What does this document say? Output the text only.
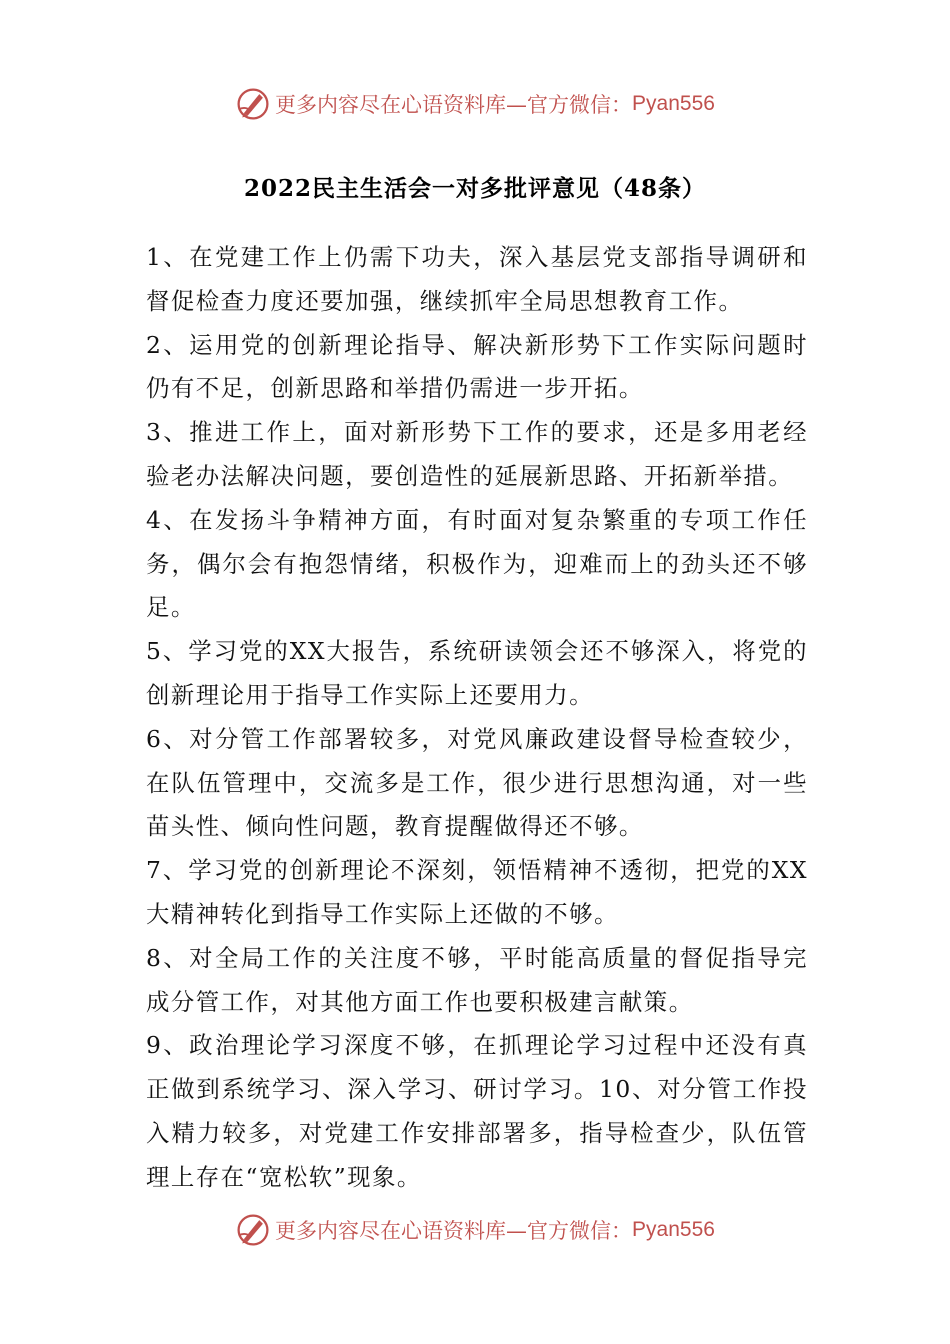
更多内容尽在心语资料库—官方微信： Pyan556
2022民主生活会一对多批评意见（48条）

1、在党建工作上仍需下功夫，深入基层党支部指导调研和督促检查力度还要加强，继续抓牢全局思想教育工作。

2、运用党的创新理论指导、解决新形势下工作实际问题时仍有不足，创新思路和举措仍需进一步开拓。

3、推进工作上，面对新形势下工作的要求，还是多用老经验老办法解决问题，要创造性的延展新思路、开拓新举措。

4、在发扬斗争精神方面，有时面对复杂繁重的专项工作任务，偶尔会有抱怨情绪，积极作为，迎难而上的劲头还不够足。

5、学习党的XX大报告，系统研读领会还不够深入，将党的创新理论用于指导工作实际上还要用力。

6、对分管工作部署较多，对党风廉政建设督导检查较少，在队伍管理中，交流多是工作，很少进行思想沟通，对一些苗头性、倾向性问题，教育提醒做得还不够。

7、学习党的创新理论不深刻，领悟精神不透彻，把党的XX大精神转化到指导工作实际上还做的不够。

8、对全局工作的关注度不够，平时能高质量的督促指导完成分管工作，对其他方面工作也要积极建言献策。

9、政治理论学习深度不够，在抓理论学习过程中还没有真正做到系统学习、深入学习、研讨学习。10、对分管工作投入精力较多，对党建工作安排部署多，指导检查少，队伍管理上存在“宽松软”现象。

更多内容尽在心语资料库—官方微信： Pyan556
